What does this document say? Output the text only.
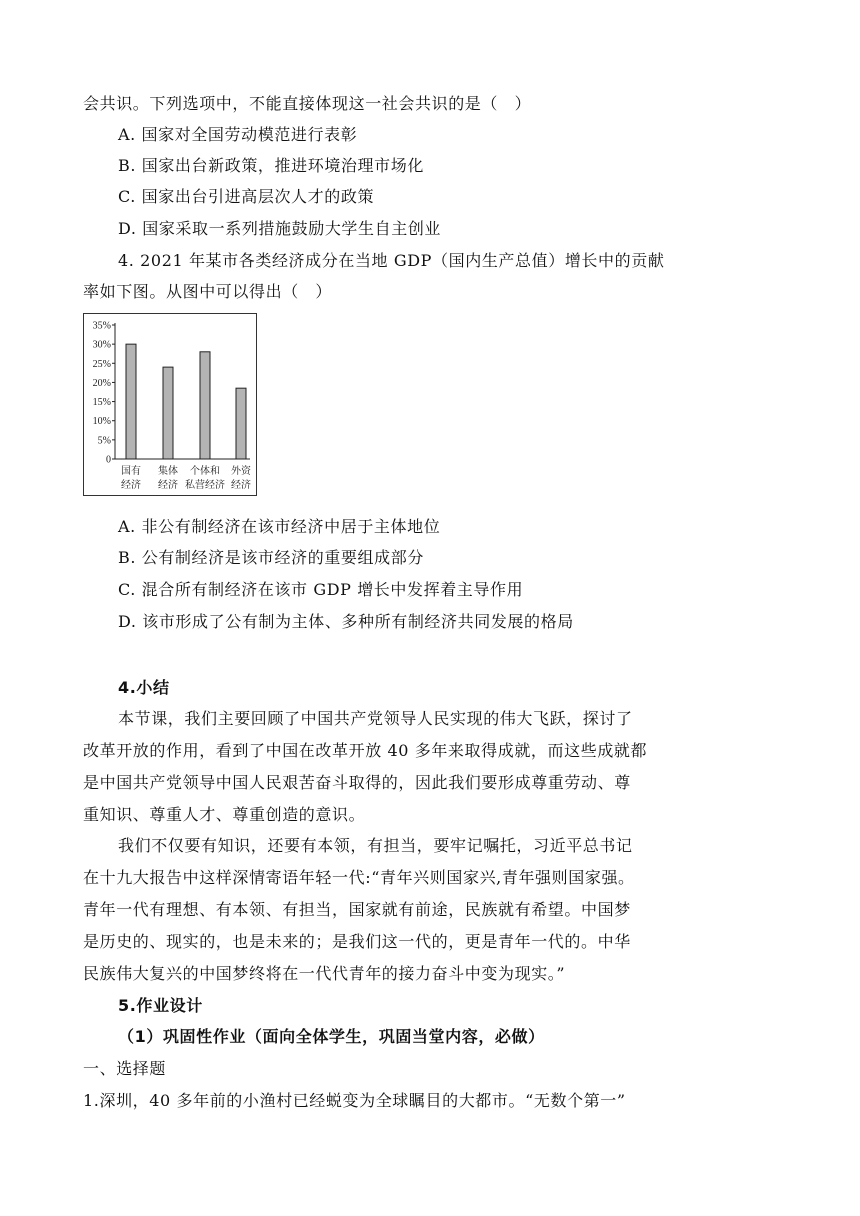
会共识。下列选项中，不能直接体现这一社会共识的是（　）
A. 国家对全国劳动模范进行表彰
B. 国家出台新政策，推进环境治理市场化
C. 国家出台引进高层次人才的政策
D. 国家采取一系列措施鼓励大学生自主创业
4. 2021 年某市各类经济成分在当地 GDP（国内生产总值）增长中的贡献
率如下图。从图中可以得出（　）
0
5%
10%
15%
20%
25%
30%
35%
国有
经济
集体
经济
个体和
私营经济
外资
经济
A. 非公有制经济在该市经济中居于主体地位
B. 公有制经济是该市经济的重要组成部分
C. 混合所有制经济在该市 GDP 增长中发挥着主导作用
D. 该市形成了公有制为主体、多种所有制经济共同发展的格局
4.小结
本节课，我们主要回顾了中国共产党领导人民实现的伟大飞跃，探讨了
改革开放的作用，看到了中国在改革开放 40 多年来取得成就，而这些成就都
是中国共产党领导中国人民艰苦奋斗取得的，因此我们要形成尊重劳动、尊
重知识、尊重人才、尊重创造的意识。
我们不仅要有知识，还要有本领，有担当，要牢记嘱托，习近平总书记
在十九大报告中这样深情寄语年轻一代:“青年兴则国家兴,青年强则国家强。
青年一代有理想、有本领、有担当，国家就有前途，民族就有希望。中国梦
是历史的、现实的，也是未来的；是我们这一代的，更是青年一代的。中华
民族伟大复兴的中国梦终将在一代代青年的接力奋斗中变为现实。”
5.作业设计
（1）巩固性作业（面向全体学生，巩固当堂内容，必做）
一、选择题
1.深圳，40 多年前的小渔村已经蜕变为全球瞩目的大都市。“无数个第一”
